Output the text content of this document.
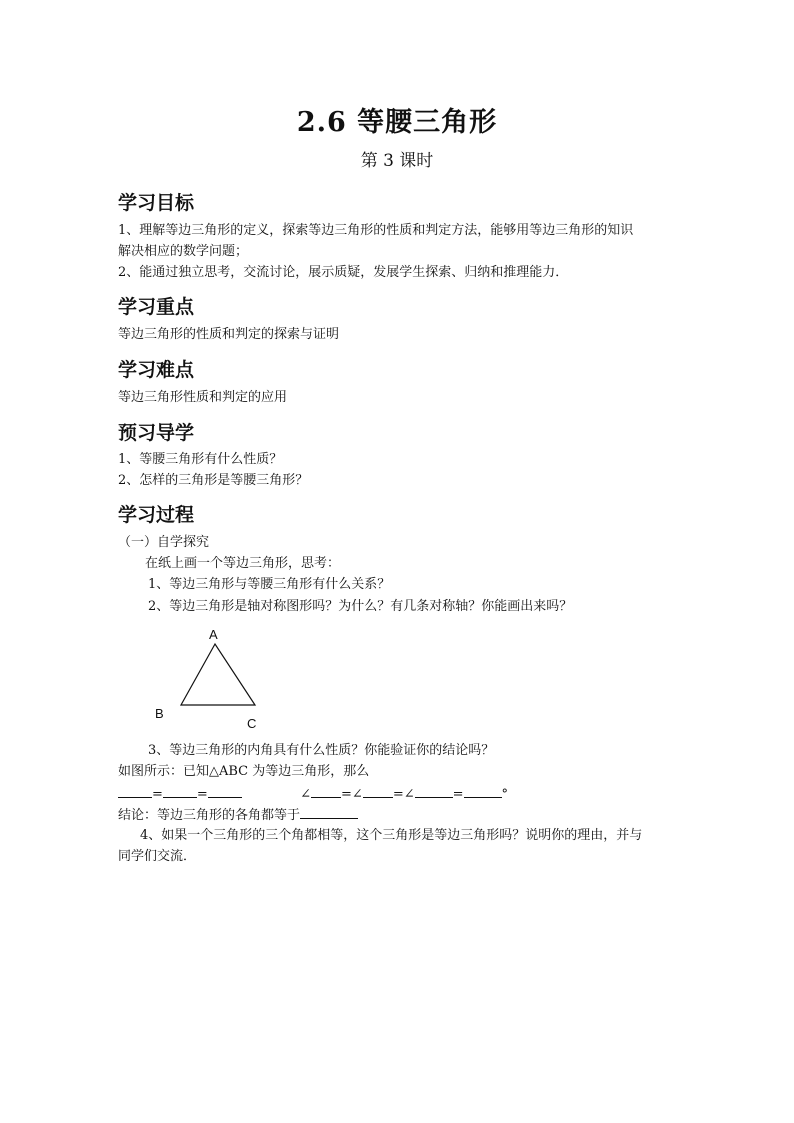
2.6 等腰三角形
第 3 课时
学习目标
1、理解等边三角形的定义，探索等边三角形的性质和判定方法，能够用等边三角形的知识
解决相应的数学问题；
2、能通过独立思考，交流讨论，展示质疑，发展学生探索、归纳和推理能力．
学习重点
等边三角形的性质和判定的探索与证明
学习难点
等边三角形性质和判定的应用
预习导学
1、等腰三角形有什么性质？
2、怎样的三角形是等腰三角形？
学习过程
（一）自学探究
在纸上画一个等边三角形，思考：
1、等边三角形与等腰三角形有什么关系？
2、等边三角形是轴对称图形吗？为什么？有几条对称轴？你能画出来吗？
A
B
C
3、等边三角形的内角具有什么性质？你能验证你的结论吗？
如图所示：已知△ABC 为等边三角形，那么
=	=	∠ =∠ =∠	=	°
结论：等边三角形的各角都等于
4、如果一个三角形的三个角都相等，这个三角形是等边三角形吗？说明你的理由，并与
同学们交流．
